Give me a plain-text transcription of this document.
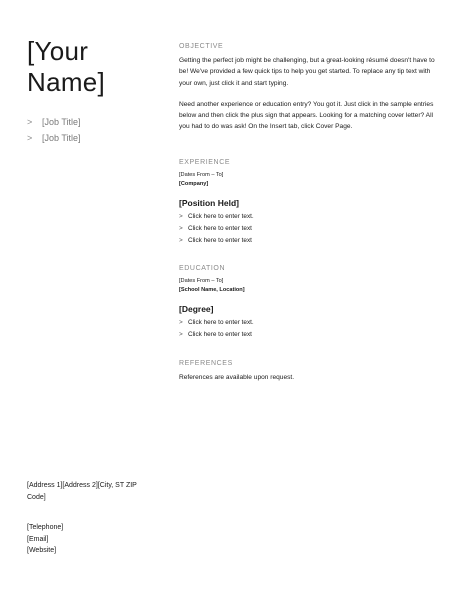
[Your
Name]
>	[Job Title]
>	[Job Title]
[Address 1][Address 2][City, ST ZIP
Code]
[Telephone]
[Email]
[Website]
OBJECTIVE

Getting the perfect job might be challenging, but a great-looking résumé doesn't have to be! We've provided a few quick tips to help you get started. To replace any tip text with your own, just click it and start typing.

Need another experience or education entry? You got it. Just click in the sample entries below and then click the plus sign that appears. Looking for a matching cover letter? All you had to do was ask! On the Insert tab, click Cover Page.

EXPERIENCE
[Dates From – To]
[Company]
[Position Held]
> Click here to enter text.
> Click here to enter text
> Click here to enter text
EDUCATION
[Dates From – To]
[School Name, Location]
[Degree]
> Click here to enter text.
> Click here to enter text
REFERENCES

References are available upon request.
